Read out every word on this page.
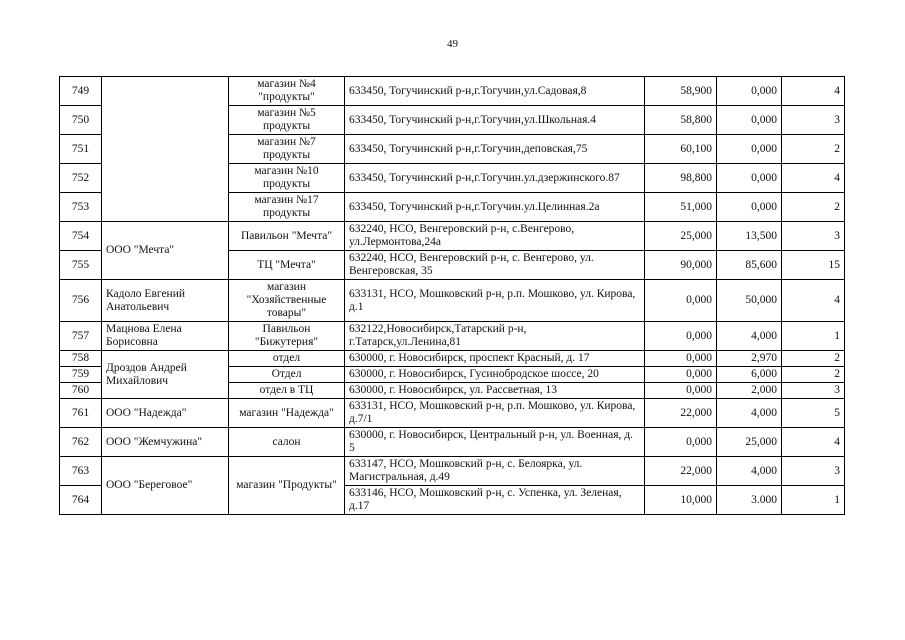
49
749		магазин №4 "продукты"	633450, Тогучинский р-н,г.Тогучин,ул.Садовая,8	58,900	0,000	4
750		магазин №5 продукты	633450, Тогучинский р-н,г.Тогучин,ул.Школьная.4	58,800	0,000	3
751		магазин №7 продукты	633450, Тогучинский р-н,г.Тогучин,деповская,75	60,100	0,000	2
752		магазин №10 продукты	633450, Тогучинский р-н,г.Тогучин.ул.дзержинского.87	98,800	0,000	4
753		магазин №17 продукты	633450, Тогучинский р-н,г.Тогучин.ул.Целинная.2а	51,000	0,000	2
754	ООО "Мечта"	Павильон "Мечта"	632240, НСО, Венгеровский р-н, с.Венгерово, ул.Лермонтова,24а	25,000	13,500	3
755		ТЦ "Мечта"	632240, НСО, Венгеровский р-н, с. Венгерово, ул. Венгеровская, 35	90,000	85,600	15
756	Кадоло Евгений Анатольевич	магазин "Хозяйственные товары"	633131, НСО, Мошковский р-н, р.п. Мошково, ул. Кирова, д.1	0,000	50,000	4
757	Мацнова Елена Борисовна	Павильон "Бижутерия"	632122,Новосибирск,Татарский р-н, г.Татарск,ул.Ленина,81	0,000	4,000	1
758	Дроздов Андрей Михайлович	отдел	630000, г. Новосибирск, проспект Красный, д. 17	0,000	2,970	2
759		Отдел	630000, г. Новосибирск, Гусинобродское шоссе, 20	0,000	6,000	2
760		отдел в ТЦ	630000, г. Новосибирск, ул. Рассветная, 13	0,000	2,000	3
761	ООО "Надежда"	магазин "Надежда"	633131, НСО, Мошковский р-н, р.п. Мошково, ул. Кирова, д.7/1	22,000	4,000	5
762	ООО "Жемчужина"	салон	630000, г. Новосибирск, Центральный р-н, ул. Военная, д. 5	0,000	25,000	4
763	ООО "Береговое"	магазин "Продукты"	633147, НСО, Мошковский р-н, с. Белоярка, ул. Магистральная, д.49	22,000	4,000	3
764			633146, НСО, Мошковский р-н, с. Успенка, ул. Зеленая, д.17	10,000	3.000	1
